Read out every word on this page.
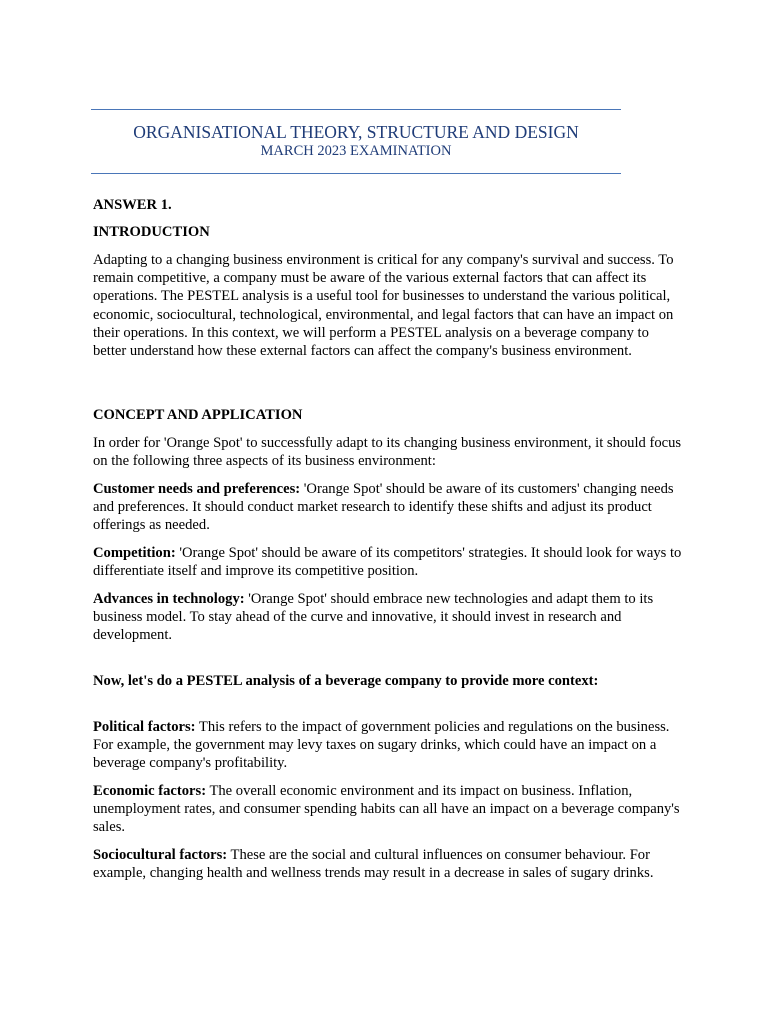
ORGANISATIONAL THEORY, STRUCTURE AND DESIGN
MARCH 2023 EXAMINATION
ANSWER 1.
INTRODUCTION
Adapting to a changing business environment is critical for any company's survival and success. To remain competitive, a company must be aware of the various external factors that can affect its operations. The PESTEL analysis is a useful tool for businesses to understand the various political, economic, sociocultural, technological, environmental, and legal factors that can have an impact on their operations. In this context, we will perform a PESTEL analysis on a beverage company to better understand how these external factors can affect the company's business environment.
CONCEPT AND APPLICATION
In order for 'Orange Spot' to successfully adapt to its changing business environment, it should focus on the following three aspects of its business environment:
Customer needs and preferences: 'Orange Spot' should be aware of its customers' changing needs and preferences. It should conduct market research to identify these shifts and adjust its product offerings as needed.
Competition: 'Orange Spot' should be aware of its competitors' strategies. It should look for ways to differentiate itself and improve its competitive position.
Advances in technology: 'Orange Spot' should embrace new technologies and adapt them to its business model. To stay ahead of the curve and innovative, it should invest in research and development.
Now, let's do a PESTEL analysis of a beverage company to provide more context:
Political factors: This refers to the impact of government policies and regulations on the business. For example, the government may levy taxes on sugary drinks, which could have an impact on a beverage company's profitability.
Economic factors: The overall economic environment and its impact on business. Inflation, unemployment rates, and consumer spending habits can all have an impact on a beverage company's sales.
Sociocultural factors: These are the social and cultural influences on consumer behaviour. For example, changing health and wellness trends may result in a decrease in sales of sugary drinks.
